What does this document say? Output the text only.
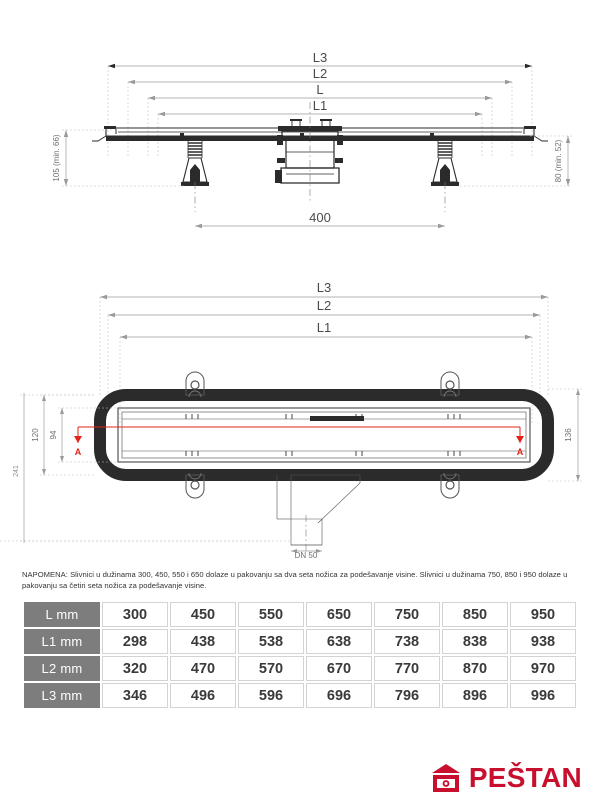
L3
L2
L
L1
105 (min. 66)	80 (min. 52)
400
L3
L2
L1
DN 50
A	A
241
120 94	136
NAPOMENA: Slivnici u dužinama 300, 450, 550 i 650 dolaze u pakovanju sa dva seta nožica za podešavanje visine. Slivnici u dužinama 750, 850 i 950 dolaze u pakovanju sa četiri seta nožica za podešavanje visine.
L mm	300	450	550	650	750	850	950
L1 mm	298	438	538	638	738	838	938
L2 mm	320	470	570	670	770	870	970
L3 mm	346	496	596	696	796	896	996
PEŠTAN
